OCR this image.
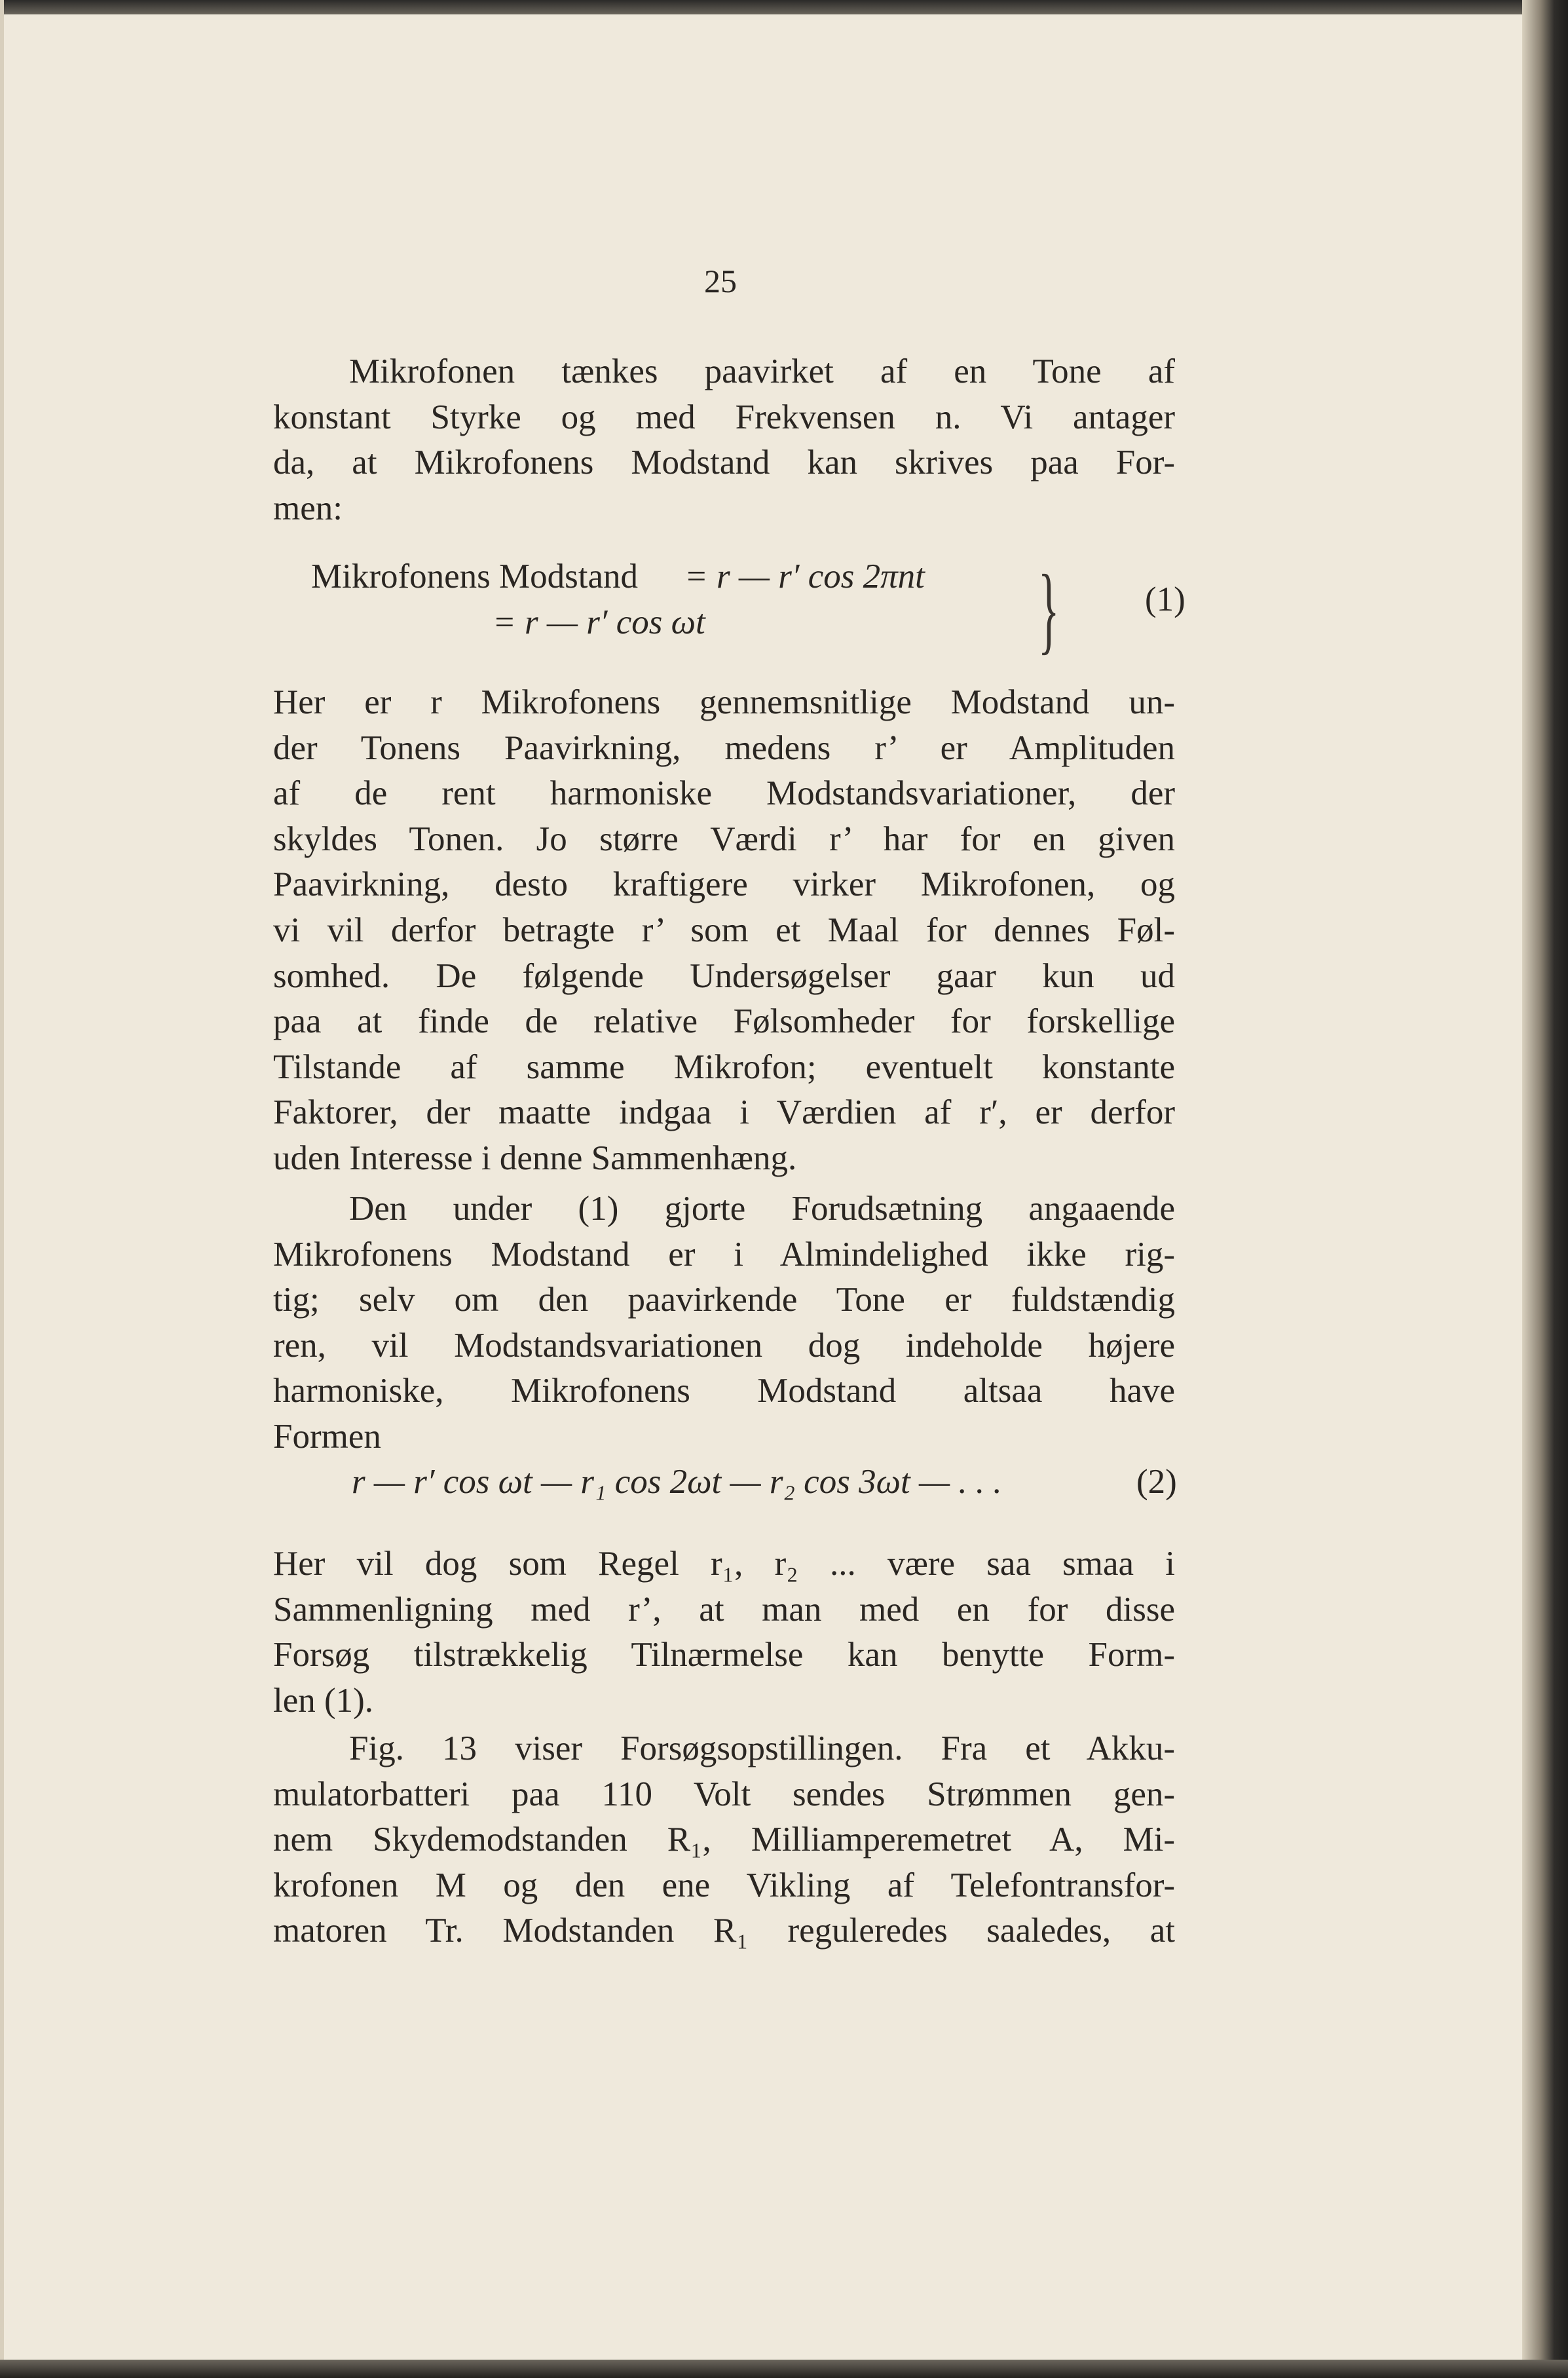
25
Mikrofonen tænkes paavirket af en Tone af
konstant Styrke og med Frekvensen n. Vi antager
da, at Mikrofonens Modstand kan skrives paa For-
men:
Her er r Mikrofonens gennemsnitlige Modstand un-
der Tonens Paavirkning, medens r’ er Amplituden
af de rent harmoniske Modstandsvariationer, der
skyldes Tonen. Jo større Værdi r’ har for en given
Paavirkning, desto kraftigere virker Mikrofonen, og
vi vil derfor betragte r’ som et Maal for dennes Føl-
somhed. De følgende Undersøgelser gaar kun ud
paa at finde de relative Følsomheder for forskellige
Tilstande af samme Mikrofon; eventuelt konstante
Faktorer, der maatte indgaa i Værdien af r′, er derfor
uden Interesse i denne Sammenhæng.
Den under (1) gjorte Forudsætning angaaende
Mikrofonens Modstand er i Almindelighed ikke rig-
tig; selv om den paavirkende Tone er fuldstændig
ren, vil Modstandsvariationen dog indeholde højere
harmoniske, Mikrofonens Modstand altsaa have
Formen
Her vil dog som Regel r₁, r₂ ... være saa smaa i
Sammenligning med r’, at man med en for disse
Forsøg tilstrækkelig Tilnærmelse kan benytte Form-
len (1).
Fig. 13 viser Forsøgsopstillingen. Fra et Akku-
mulatorbatteri paa 110 Volt sendes Strømmen gen-
nem Skydemodstanden R₁, Milliamperemetret A, Mi-
krofonen M og den ene Vikling af Telefontransfor-
matoren Tr. Modstanden R₁ reguleredes saaledes, at
Mikrofonens Modstand = r — r′ cos 2πnt
= r — r′ cos ωt	} (1)
r — r′ cos ωt — r₁ cos 2ωt — r₂ cos 3ωt — . . .	(2)
